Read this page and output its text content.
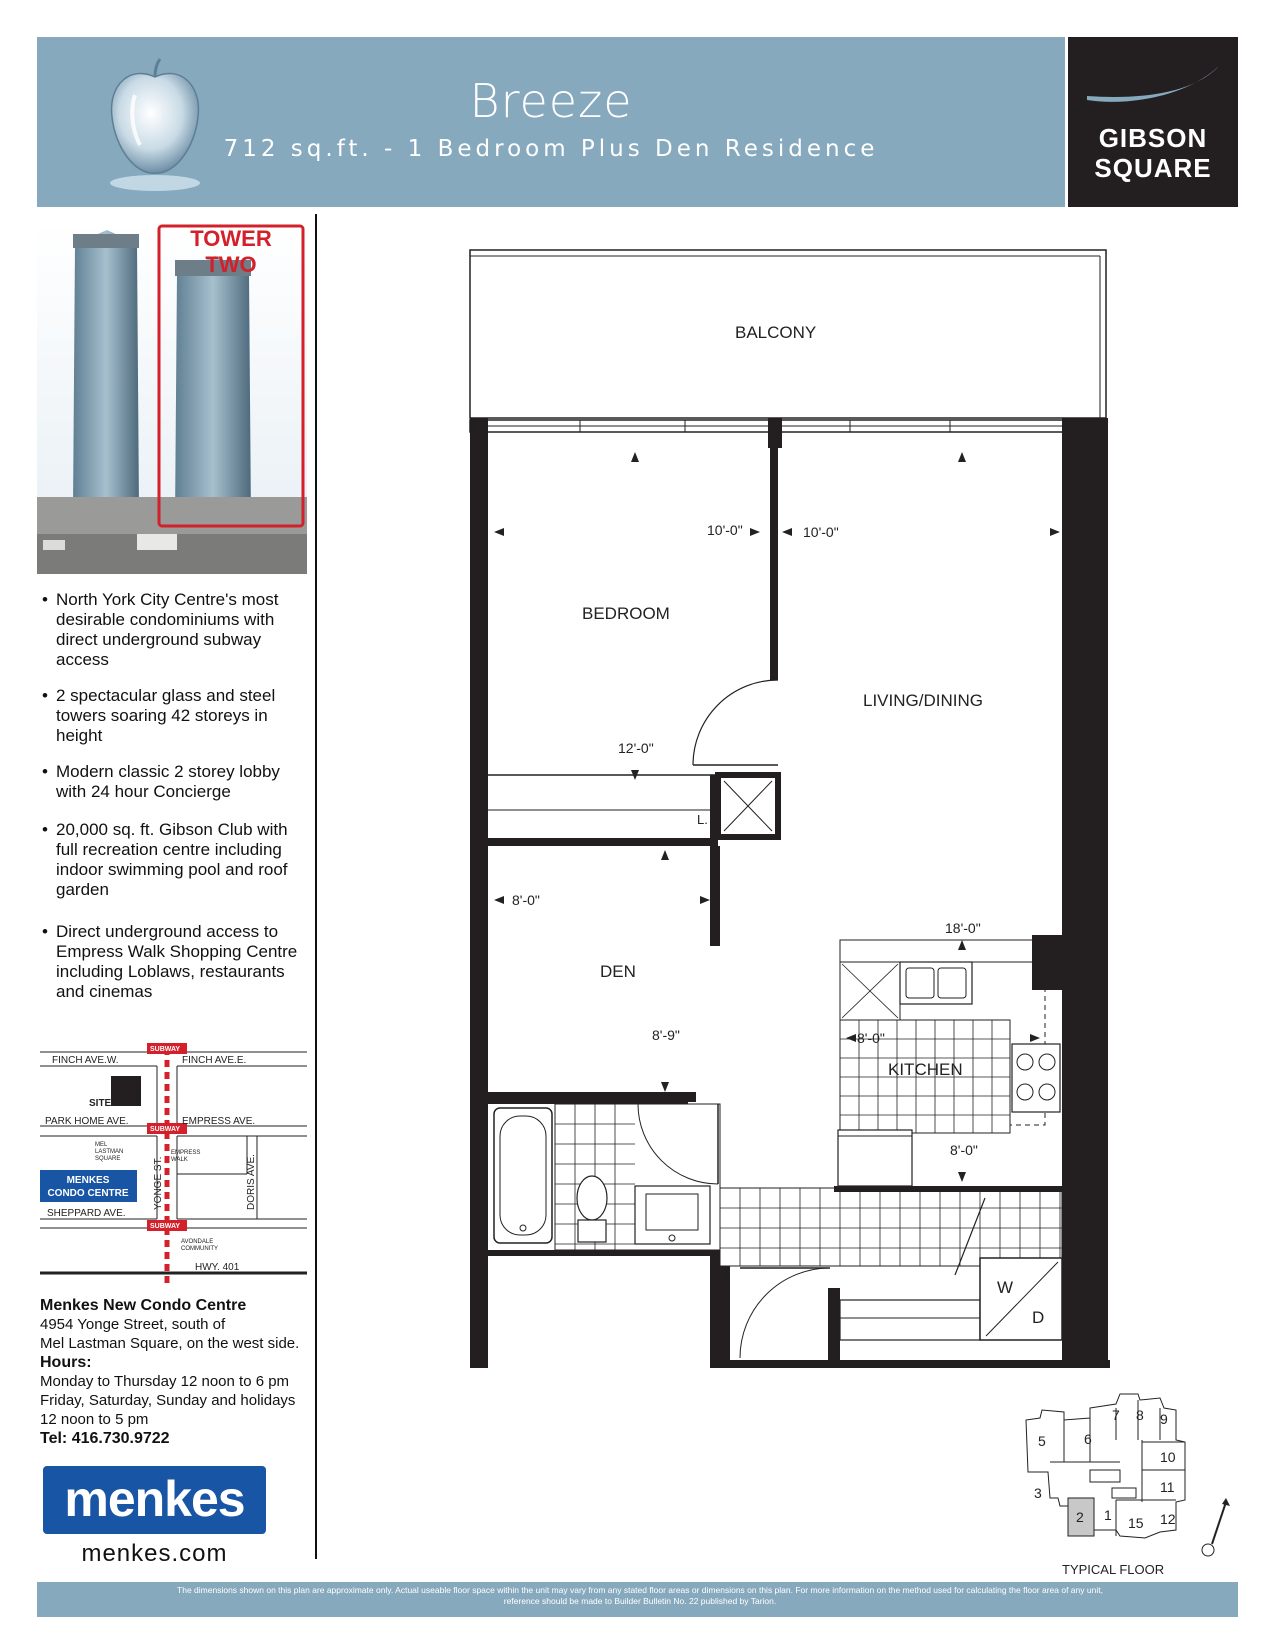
Breeze
712 sq.ft. - 1 Bedroom Plus Den Residence	GIBSON
SQUARE
TOWER TWO
• North York City Centre's most desirable condominiums with direct underground subway access
• 2 spectacular glass and steel towers soaring 42 storeys in height
• Modern classic 2 storey lobby with 24 hour Concierge
• 20,000 sq. ft. Gibson Club with full recreation centre including indoor swimming pool and roof garden
• Direct underground access to Empress Walk Shopping Centre including Loblaws, restaurants and cinemas
SUBWAY
SUBWAY
SUBWAY
FINCH AVE.W.	FINCH AVE.E.
SITE
PARK HOME AVE.	EMPRESS AVE.
MEL
LASTMAN
SQUARE
EMPRESS
WALK
MENKES
CONDO CENTRE YONGE ST.	DORIS AVE.
SHEPPARD AVE.
AVONDALE
COMMUNITY
HWY. 401
Menkes New Condo Centre
4954 Yonge Street, south of
Mel Lastman Square, on the west side.
Hours:
Monday to Thursday 12 noon to 6 pm
Friday, Saturday, Sunday and holidays
12 noon to 5 pm
Tel: 416.730.9722
menkes
menkes.com
BALCONY
BEDROOM
LIVING/DINING
DEN
KITCHEN
L.
W
D
10'-0"	10'-0"
12'-0"
8'-0"
8'-9"
18'-0"
8'-0"
8'-0"
7 8 9
5	6
10
11
3
2 1 15 12
TYPICAL FLOOR
The dimensions shown on this plan are approximate only. Actual useable floor space within the unit may vary from any stated floor areas or dimensions on this plan. For more information on the method used for calculating the floor area of any unit,
reference should be made to Builder Bulletin No. 22 published by Tarion.
